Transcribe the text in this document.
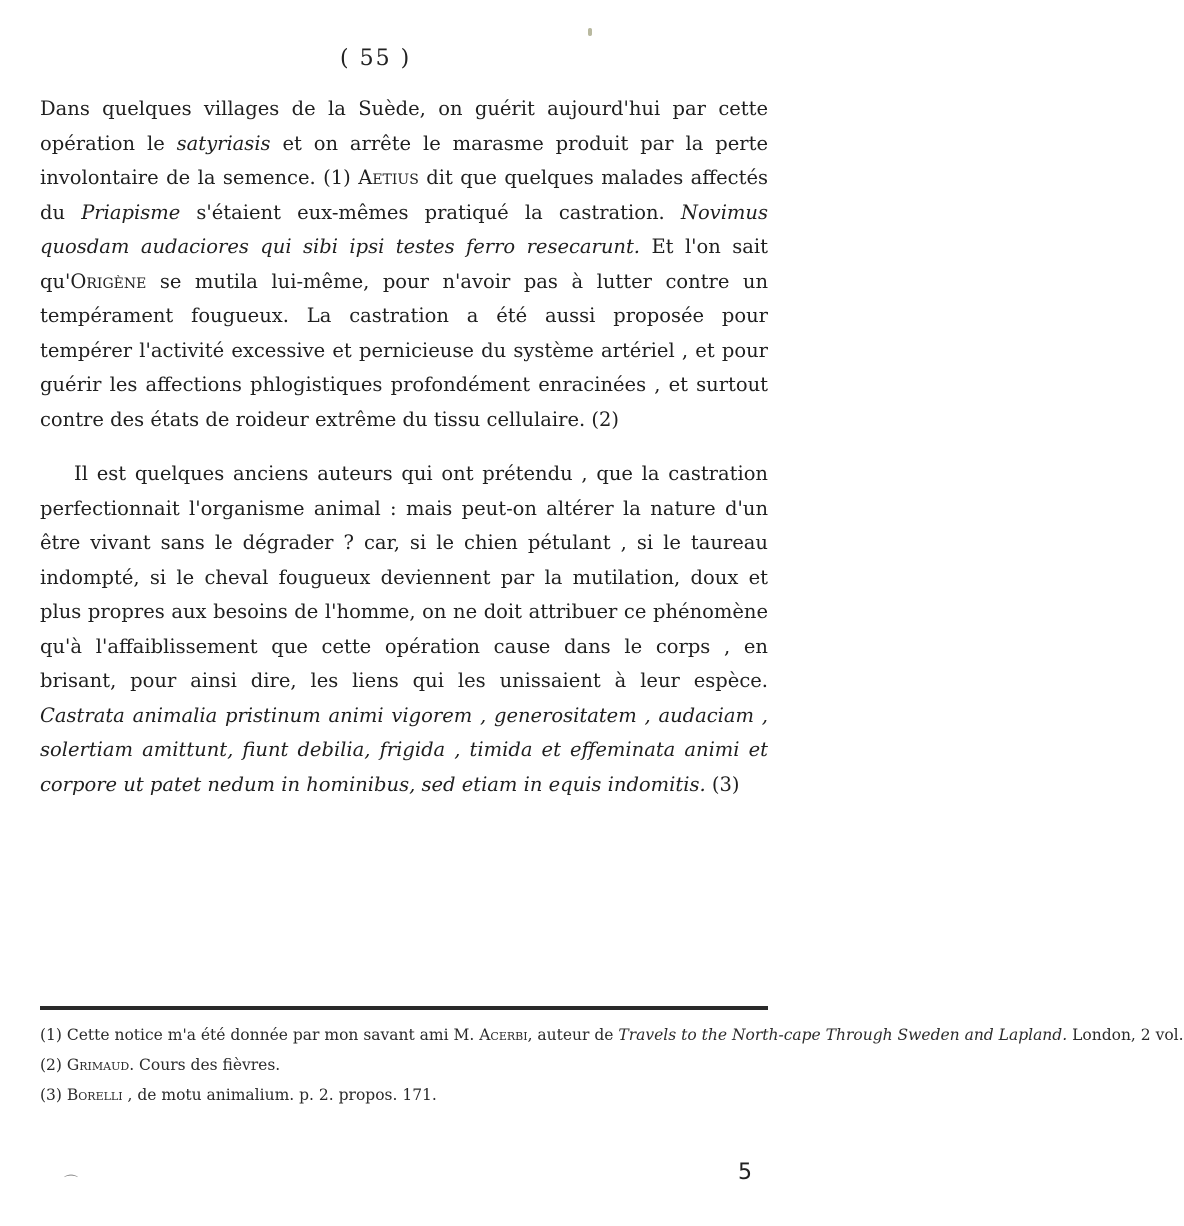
( 55 )

Dans quelques villages de la Suède, on guérit aujourd'hui par cette opération le satyriasis et on arrête le marasme produit par la perte involontaire de la semence. (1) Aetius dit que quelques malades affectés du Priapisme s'étaient eux-mêmes pratiqué la castration. Novimus quosdam audaciores qui sibi ipsi testes ferro resecarunt. Et l'on sait qu'Origène se mutila lui-même, pour n'avoir pas à lutter contre un tempérament fougueux. La castration a été aussi proposée pour tempérer l'activité excessive et pernicieuse du système artériel , et pour guérir les affections phlogistiques profondément enracinées , et surtout contre des états de roideur extrême du tissu cellulaire. (2)

Il est quelques anciens auteurs qui ont prétendu , que la castration perfectionnait l'organisme animal : mais peut-on altérer la nature d'un être vivant sans le dégrader ? car, si le chien pétulant , si le taureau indompté, si le cheval fougueux deviennent par la mutilation, doux et plus propres aux besoins de l'homme, on ne doit attribuer ce phénomène qu'à l'affaiblissement que cette opération cause dans le corps , en brisant, pour ainsi dire, les liens qui les unissaient à leur espèce. Castrata animalia pristinum animi vigorem , generositatem , audaciam , solertiam amittunt, fiunt debilia, frigida , timida et effeminata animi et corpore ut patet nedum in hominibus, sed etiam in equis indomitis. (3)

(1) Cette notice m'a été donnée par mon savant ami M. Acerbi, auteur de Travels to the North-cape Through Sweden and Lapland. London, 2 vol.
(2) Grimaud. Cours des fièvres.
(3) Borelli , de motu animalium. p. 2. propos. 171.
⌒	5
